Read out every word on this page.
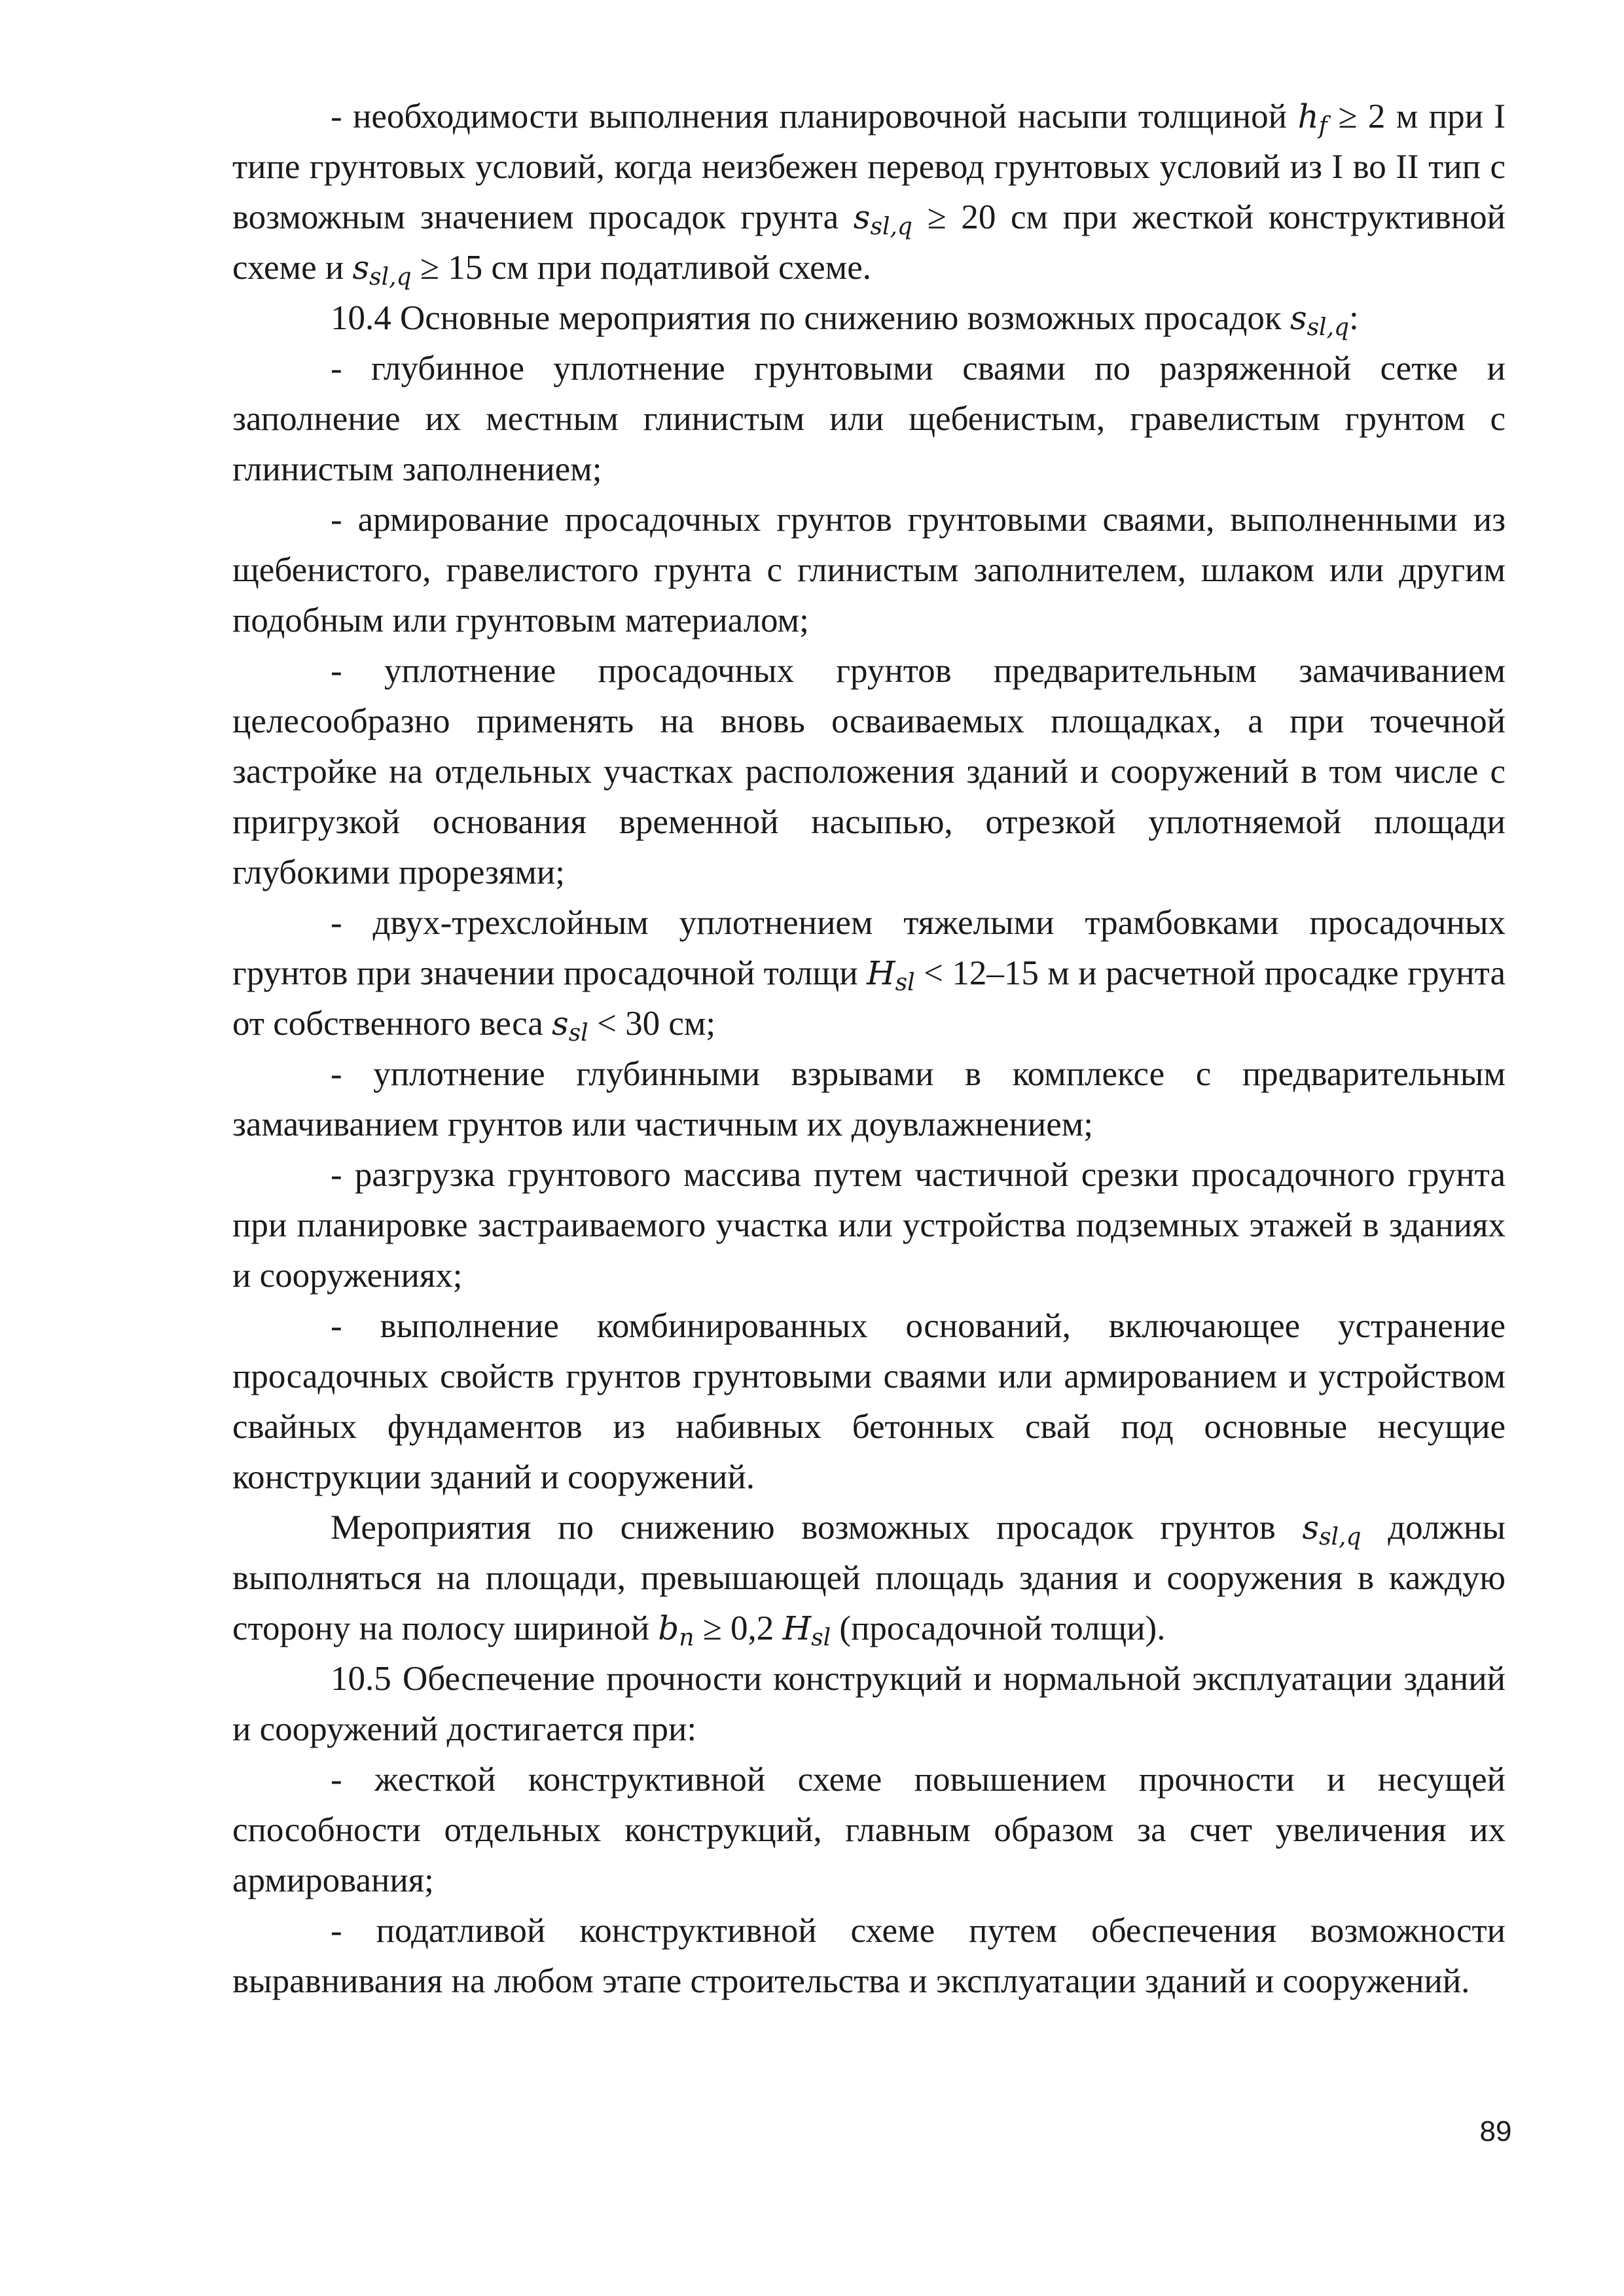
- необходимости выполнения планировочной насыпи толщиной $h_f \ge 2$ м при I типе грунтовых условий, когда неизбежен перевод грунтовых условий из I во II тип с возможным значением просадок грунта $s_{sl,q} \ge 20$ см при жесткой конструктивной схеме и $s_{sl,q} \ge 15$ см при податливой схеме.

10.4 Основные мероприятия по снижению возможных просадок $s_{sl,q}$:

- глубинное уплотнение грунтовыми сваями по разряженной сетке и заполнение их местным глинистым или щебенистым, гравелистым грунтом с глинистым заполнением;

- армирование просадочных грунтов грунтовыми сваями, выполненными из щебенистого, гравелистого грунта с глинистым заполнителем, шлаком или другим подобным или грунтовым материалом;

- уплотнение просадочных грунтов предварительным замачиванием целесообразно применять на вновь осваиваемых площадках, а при точечной застройке на отдельных участках расположения зданий и сооружений в том числе с пригрузкой основания временной насыпью, отрезкой уплотняемой площади глубокими прорезями;

- двух-трехслойным уплотнением тяжелыми трамбовками просадочных грунтов при значении просадочной толщи $H_{sl} < 12-15$ м и расчетной просадке грунта от собственного веса $s_{sl} < 30$ см;

- уплотнение глубинными взрывами в комплексе с предварительным замачиванием грунтов или частичным их доувлажнением;

- разгрузка грунтового массива путем частичной срезки просадочного грунта при планировке застраиваемого участка или устройства подземных этажей в зданиях и сооружениях;

- выполнение комбинированных оснований, включающее устранение просадочных свойств грунтов грунтовыми сваями или армированием и устройством свайных фундаментов из набивных бетонных свай под основные несущие конструкции зданий и сооружений.

Мероприятия по снижению возможных просадок грунтов $s_{sl,q}$ должны выполняться на площади, превышающей площадь здания и сооружения в каждую сторону на полосу шириной $b_n \ge 0,2$ $H_{sl}$ (просадочной толщи).

10.5 Обеспечение прочности конструкций и нормальной эксплуатации зданий и сооружений достигается при:

- жесткой конструктивной схеме повышением прочности и несущей способности отдельных конструкций, главным образом за счет увеличения их армирования;

- податливой конструктивной схеме путем обеспечения возможности выравнивания на любом этапе строительства и эксплуатации зданий и сооружений.

89
